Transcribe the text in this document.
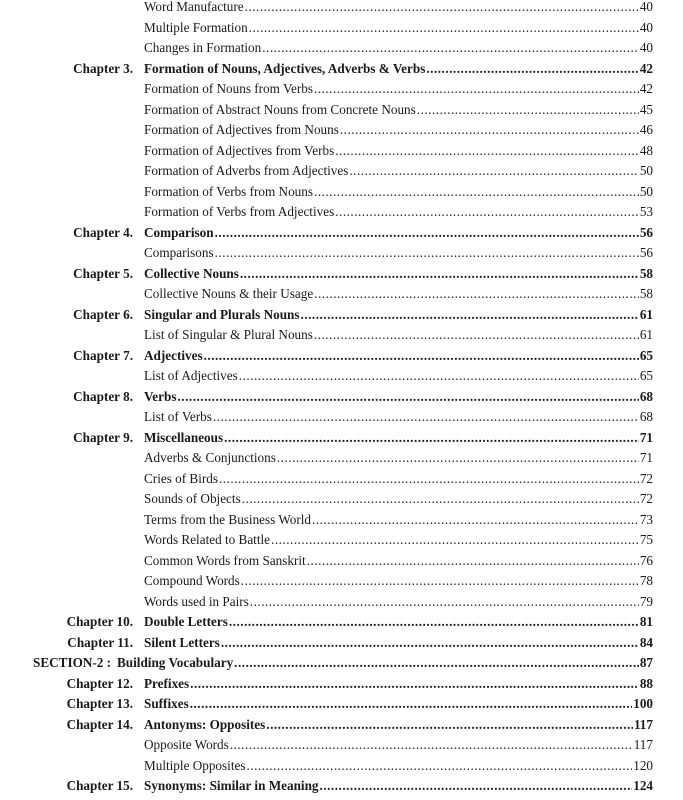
Word Manufacture .....	40
Multiple Formation .....	40
Changes in Formation .....	40
Chapter 3. Formation of Nouns, Adjectives, Adverbs & Verbs .....	42
Formation of Nouns from Verbs .....	42
Formation of Abstract Nouns from Concrete Nouns .....	45
Formation of Adjectives from Nouns .....	46
Formation of Adjectives from Verbs .....	48
Formation of Adverbs from Adjectives .....	50
Formation of Verbs from Nouns .....	50
Formation of Verbs from Adjectives .....	53
Chapter 4. Comparison .....	56
Comparisons .....	56
Chapter 5. Collective Nouns .....	58
Collective Nouns & their Usage .....	58
Chapter 6. Singular and Plurals Nouns .....	61
List of Singular & Plural Nouns .....	61
Chapter 7. Adjectives .....	65
List of Adjectives .....	65
Chapter 8. Verbs .....	68
List of Verbs .....	68
Chapter 9. Miscellaneous .....	71
Adverbs & Conjunctions .....	71
Cries of Birds .....	72
Sounds of Objects .....	72
Terms from the Business World .....	73
Words Related to Battle .....	75
Common Words from Sanskrit .....	76
Compound Words .....	78
Words used in Pairs .....	79
Chapter 10. Double Letters .....	81
Chapter 11. Silent Letters .....	84
SECTION-2 : Building Vocabulary .....	87
Chapter 12. Prefixes .....	88
Chapter 13. Suffixes .....	100
Chapter 14. Antonyms: Opposites .....	117
Opposite Words .....	117
Multiple Opposites .....	120
Chapter 15. Synonyms: Similar in Meaning .....	124
